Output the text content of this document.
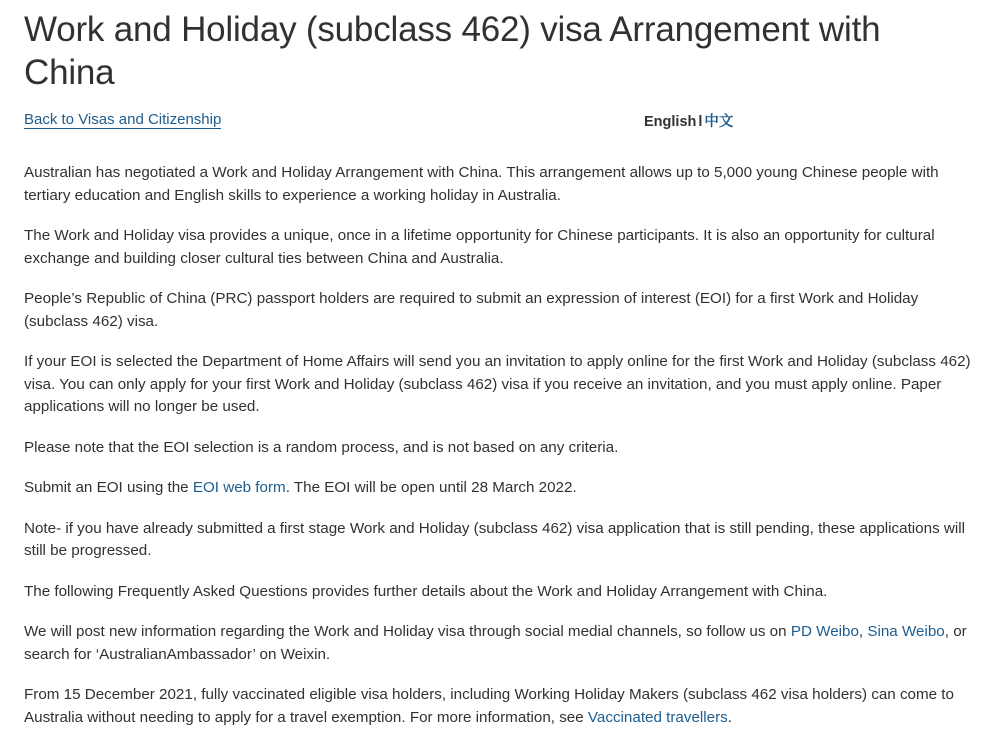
Work and Holiday (subclass 462) visa Arrangement with China
Back to Visas and Citizenship	English l 中文

Australian has negotiated a Work and Holiday Arrangement with China. This arrangement allows up to 5,000 young Chinese people with tertiary education and English skills to experience a working holiday in Australia.

The Work and Holiday visa provides a unique, once in a lifetime opportunity for Chinese participants. It is also an opportunity for cultural exchange and building closer cultural ties between China and Australia.

People’s Republic of China (PRC) passport holders are required to submit an expression of interest (EOI) for a first Work and Holiday (subclass 462) visa.

If your EOI is selected the Department of Home Affairs will send you an invitation to apply online for the first Work and Holiday (subclass 462) visa. You can only apply for your first Work and Holiday (subclass 462) visa if you receive an invitation, and you must apply online. Paper applications will no longer be used.

Please note that the EOI selection is a random process, and is not based on any criteria.

Submit an EOI using the EOI web form. The EOI will be open until 28 March 2022.

Note- if you have already submitted a first stage Work and Holiday (subclass 462) visa application that is still pending, these applications will still be progressed.

The following Frequently Asked Questions provides further details about the Work and Holiday Arrangement with China.

We will post new information regarding the Work and Holiday visa through social medial channels, so follow us on PD Weibo, Sina Weibo, or search for ‘AustralianAmbassador’ on Weixin.

From 15 December 2021, fully vaccinated eligible visa holders, including Working Holiday Makers (subclass 462 visa holders) can come to Australia without needing to apply for a travel exemption. For more information, see Vaccinated travellers.
